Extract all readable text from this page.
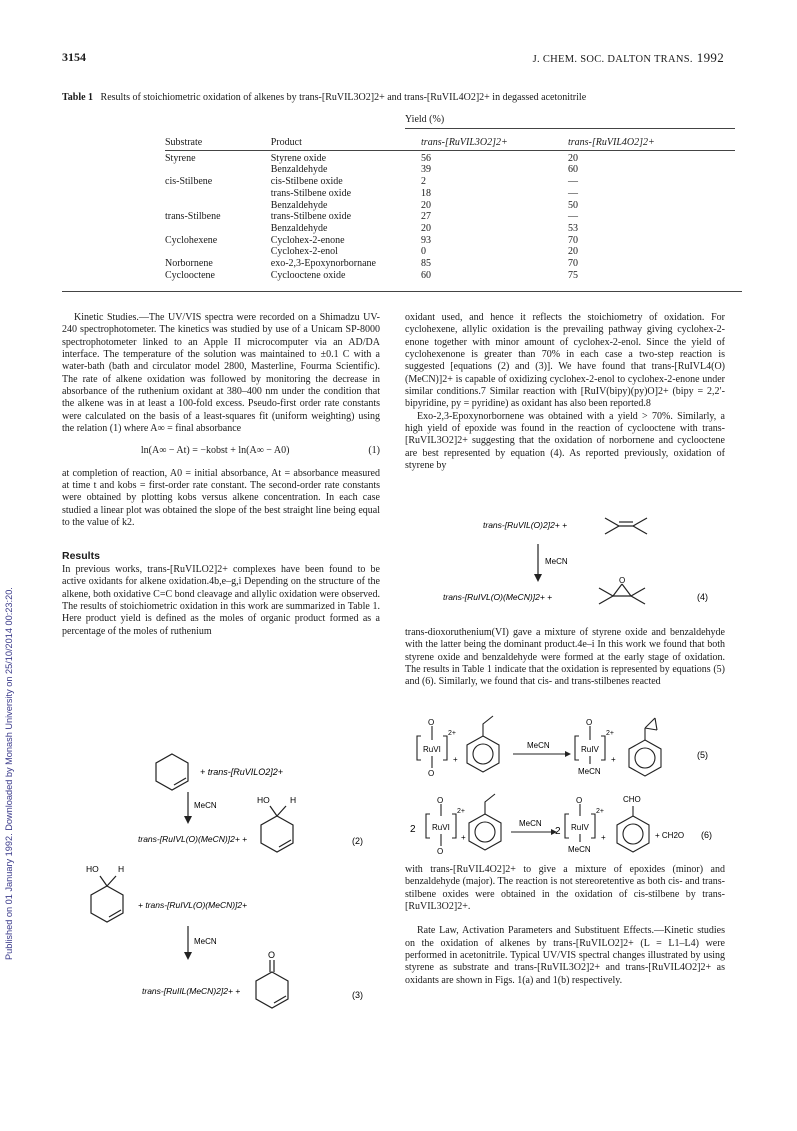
3154	J. CHEM. SOC. DALTON TRANS. 1992
Published on 01 January 1992. Downloaded by Monash University on 25/10/2014 00:23:20.
Table 1 Results of stoichiometric oxidation of alkenes by trans-[RuVIL3O2]2+ and trans-[RuVIL4O2]2+ in degassed acetonitrile
Yield (%)
Substrate	Product	trans-[RuVIL3O2]2+	trans-[RuVIL4O2]2+

Styrene	Styrene oxide	56	20
	Benzaldehyde	39	60
cis-Stilbene	cis-Stilbene oxide	2	—
	trans-Stilbene oxide	18	—
	Benzaldehyde	20	50
trans-Stilbene	trans-Stilbene oxide	27	—
	Benzaldehyde	20	53
Cyclohexene	Cyclohex-2-enone	93	70
	Cyclohex-2-enol	0	20
Norbornene	exo-2,3-Epoxynorbornane	85	70
Cyclooctene	Cyclooctene oxide	60	75

Kinetic Studies.—The UV/VIS spectra were recorded on a Shimadzu UV-240 spectrophotometer. The kinetics was studied by use of a Unicam SP-8000 spectrophotometer linked to an Apple II microcomputer via an AD/DA interface. The temperature of the solution was maintained to ±0.1 C with a water-bath (bath and circulator model 2800, Masterline, Fourma Scientific). The rate of alkene oxidation was followed by monitoring the decrease in absorbance of the ruthenium oxidant at 380–400 nm under the condition that the alkene was in at least a 100-fold excess. Pseudo-first order rate constants were calculated on the basis of a least-squares fit (uniform weighting) using the relation (1) where A∞ = final absorbance

ln(A∞ − At) = −kobst + ln(A∞ − A0)	(1)

at completion of reaction, A0 = initial absorbance, At = absorbance measured at time t and kobs = first-order rate constant. The second-order rate constants were obtained by plotting kobs versus alkene concentration. In each case studied a linear plot was obtained the slope of the best straight line being equal to the value of k2.

Results

In previous works, trans-[RuVILO2]2+ complexes have been found to be active oxidants for alkene oxidation.4b,e–g,i Depending on the structure of the alkene, both oxidative C=C bond cleavage and allylic oxidation were observed. The results of stoichiometric oxidation in this work are summarized in Table 1. Here product yield is defined as the moles of organic product formed as a percentage of the moles of ruthenium

oxidant used, and hence it reflects the stoichiometry of oxidation. For cyclohexene, allylic oxidation is the prevailing pathway giving cyclohex-2-enone together with minor amount of cyclohex-2-enol. Since the yield of cyclohexenone is greater than 70% in each case a two-step reaction is suggested [equations (2) and (3)]. We have found that trans-[RuIVL4(O)(MeCN)]2+ is capable of oxidizing cyclohex-2-enol to cyclohex-2-enone under similar conditions.7 Similar reaction with [RuIV(bipy)(py)O]2+ (bipy = 2,2′-bipyridine, py = pyridine) as oxidant has also been reported.8

Exo-2,3-Epoxynorbornene was obtained with a yield > 70%. Similarly, a high yield of epoxide was found in the reaction of cyclooctene with trans-[RuVIL3O2]2+ suggesting that the oxidation of norbornene and cyclooctene are best represented by equation (4). As reported previously, oxidation of styrene by

trans-dioxoruthenium(VI) gave a mixture of styrene oxide and benzaldehyde with the latter being the dominant product.4e–i In this work we found that both styrene oxide and benzaldehyde were formed at the early stage of oxidation. The results in Table 1 indicate that the oxidation is represented by equations (5) and (6). Similarly, we found that cis- and trans-stilbenes reacted

with trans-[RuVIL4O2]2+ to give a mixture of epoxides (minor) and benzaldehyde (major). The reaction is not stereoretentive as both cis- and trans-stilbene oxides were obtained in the oxidation of cis-stilbene by trans-[RuVIL3O2]2+.

Rate Law, Activation Parameters and Substituent Effects.—Kinetic studies on the oxidation of alkenes by trans-[RuVILO2]2+ (L = L1–L4) were performed in acetonitrile. Typical UV/VIS spectral changes illustrated by using styrene as substrate and trans-[RuVIL3O2]2+ and trans-[RuVIL4O2]2+ as oxidants are shown in Figs. 1(a) and 1(b) respectively.

+ trans-[RuVILO2]2+
MeCN
HO H
trans-[RuIVL(O)(MeCN)]2+ +	(2)
HO H
+ trans-[RuIVL(O)(MeCN)]2+
MeCN
O
trans-[RuIIL(MeCN)2]2+ +	(3)
trans-[RuVIL(O)2]2+ +
MeCN
O
trans-[RuIVL(O)(MeCN)]2+ +	(4)
O
RuVI
O
2+
+
MeCN
O
RuIV
MeCN
2+
+	(5)
2
O
RuVI
O
2+
+
MeCN
2
O
RuIV
MeCN
2+
+
CHO
+ CH2O (6)
